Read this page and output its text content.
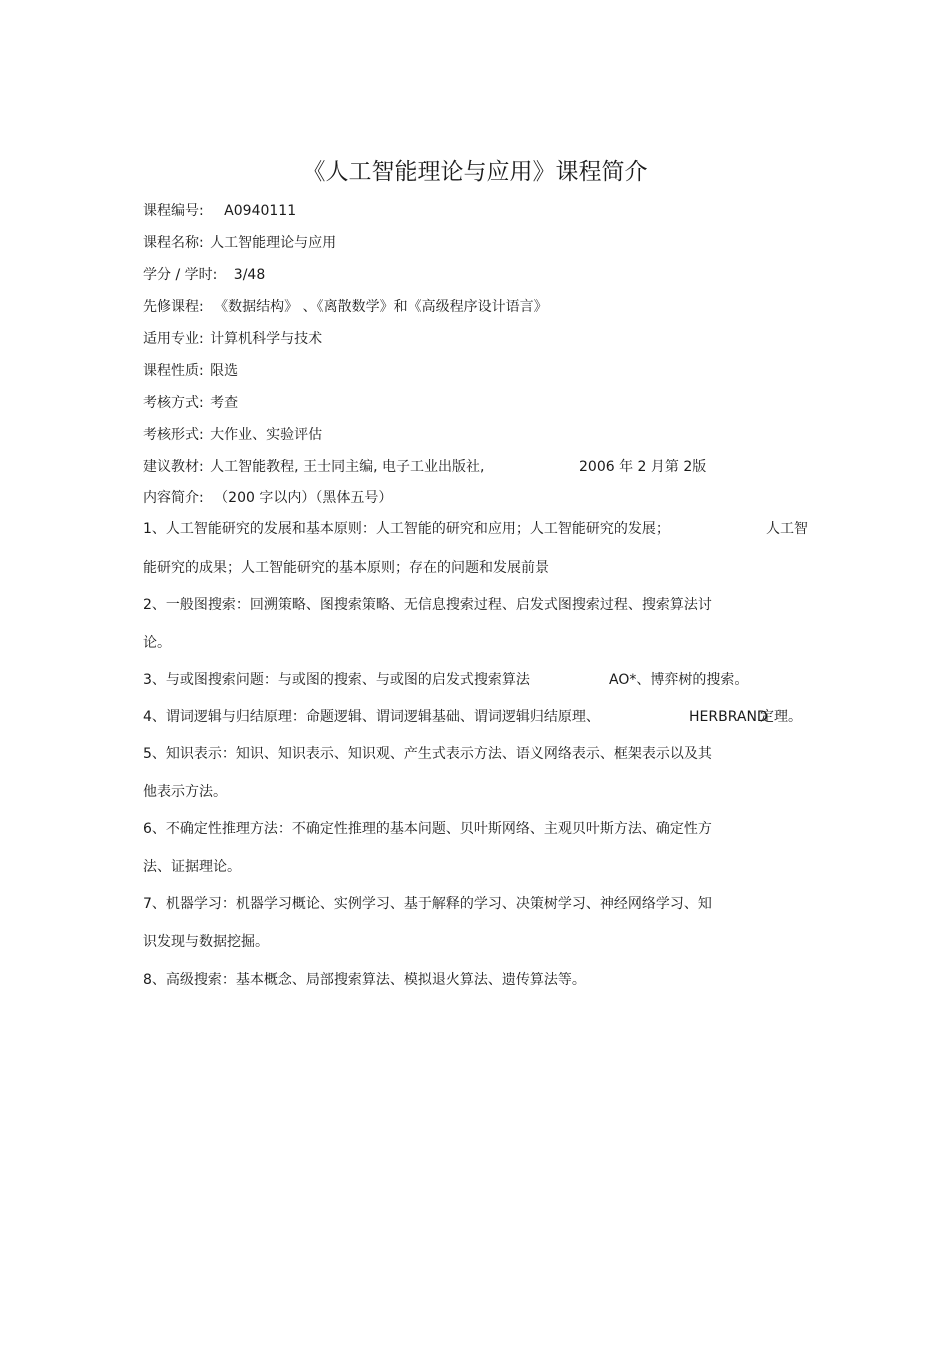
《人工智能理论与应用》课程简介
课程编号: A0940111
课程名称: 人工智能理论与应用
学分 / 学时: 3/48
先修课程: 《数据结构》 、《离散数学》和《高级程序设计语言》
适用专业: 计算机科学与技术
课程性质: 限选
考核方式: 考查
考核形式: 大作业、实验评估
建议教材: 人工智能教程, 王士同主编, 电子工业出版社,	2006 年 2 月第 2版
内容简介: （200 字以内）（黑体五号）
1、人工智能研究的发展和基本原则：人工智能的研究和应用；人工智能研究的发展；	人工智
能研究的成果；人工智能研究的基本原则；存在的问题和发展前景
2、一般图搜索：回溯策略、图搜索策略、无信息搜索过程、启发式图搜索过程、搜索算法讨
论。
3、与或图搜索问题：与或图的搜索、与或图的启发式搜索算法	AO*、博弈树的搜索。
4、谓词逻辑与归结原理：命题逻辑、谓词逻辑基础、谓词逻辑归结原理、	HERBRAND
定理。
5、知识表示：知识、知识表示、知识观、产生式表示方法、语义网络表示、框架表示以及其
他表示方法。
6、不确定性推理方法：不确定性推理的基本问题、贝叶斯网络、主观贝叶斯方法、确定性方
法、证据理论。
7、机器学习：机器学习概论、实例学习、基于解释的学习、决策树学习、神经网络学习、知
识发现与数据挖掘。
8、高级搜索：基本概念、局部搜索算法、模拟退火算法、遗传算法等。
